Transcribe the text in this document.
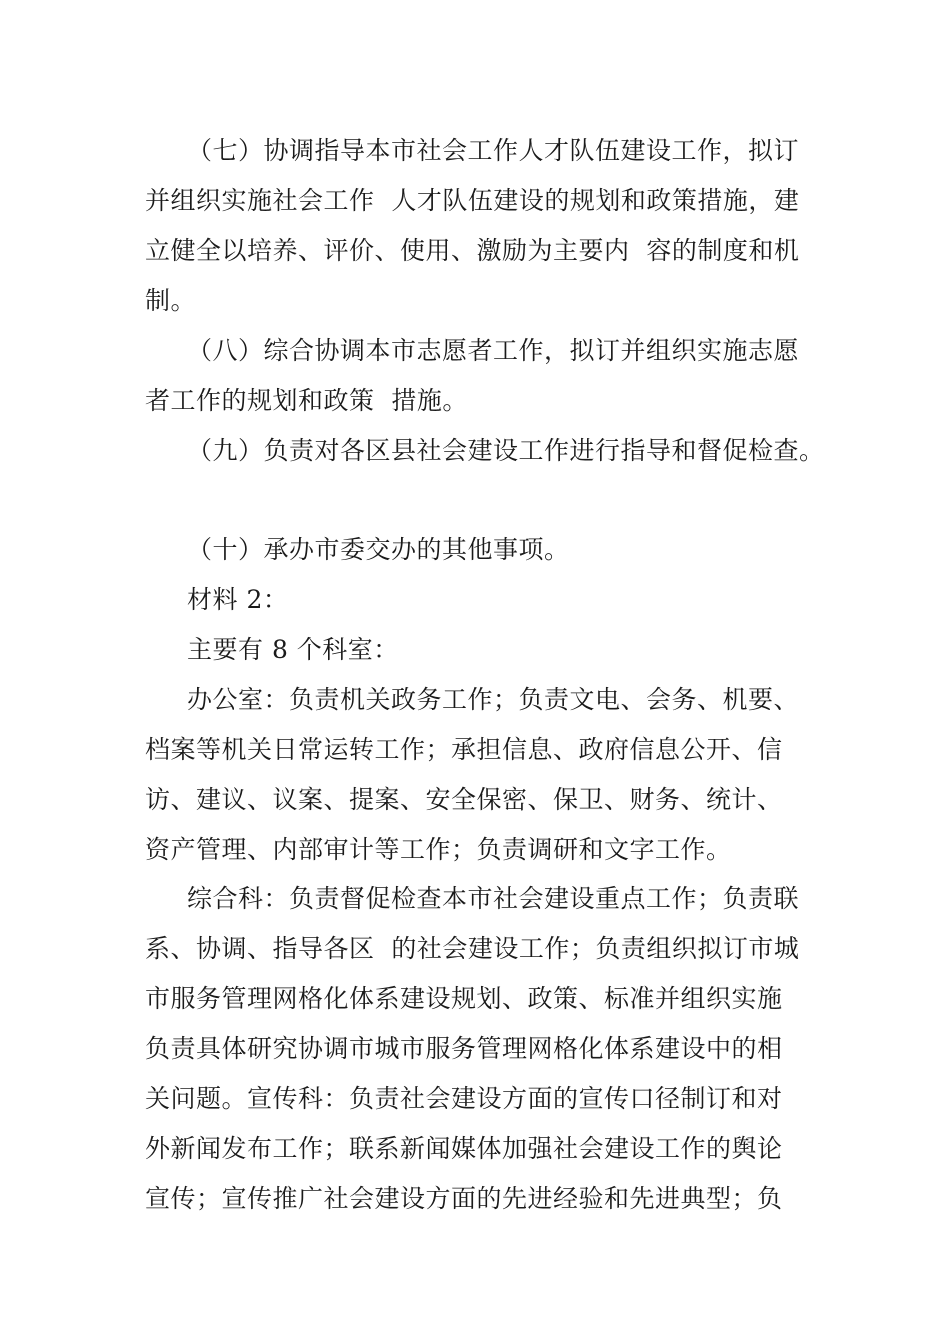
（七）协调指导本市社会工作人才队伍建设工作，拟订
并组织实施社会工作  人才队伍建设的规划和政策措施，建
立健全以培养、评价、使用、激励为主要内  容的制度和机
制。
（八）综合协调本市志愿者工作，拟订并组织实施志愿
者工作的规划和政策  措施。
（九）负责对各区县社会建设工作进行指导和督促检查。
（十）承办市委交办的其他事项。
材料 2：
主要有 8 个科室：
办公室：负责机关政务工作；负责文电、会务、机要、
档案等机关日常运转工作；承担信息、政府信息公开、信
访、建议、议案、提案、安全保密、保卫、财务、统计、
资产管理、内部审计等工作；负责调研和文字工作。
综合科：负责督促检查本市社会建设重点工作；负责联
系、协调、指导各区  的社会建设工作；负责组织拟订市城
市服务管理网格化体系建设规划、政策、标准并组织实施
负责具体研究协调市城市服务管理网格化体系建设中的相
关问题。宣传科：负责社会建设方面的宣传口径制订和对
外新闻发布工作；联系新闻媒体加强社会建设工作的舆论
宣传；宣传推广社会建设方面的先进经验和先进典型；负
